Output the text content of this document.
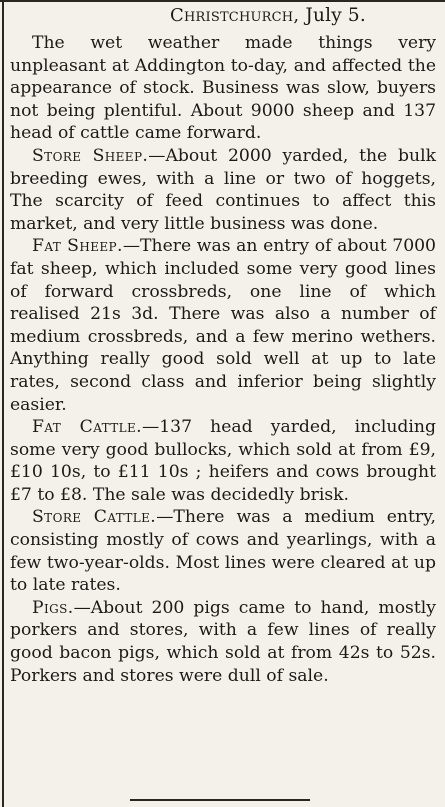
Christchurch, July 5.

The wet weather made things very unpleasant at Addington to-day, and affected the appearance of stock. Business was slow, buyers not being plentiful. About 9000 sheep and 137 head of cattle came forward.

Store Sheep.—About 2000 yarded, the bulk breeding ewes, with a line or two of hoggets, The scarcity of feed continues to affect this market, and very little business was done.

Fat Sheep.—There was an entry of about 7000 fat sheep, which included some very good lines of forward crossbreds, one line of which realised 21s 3d. There was also a number of medium crossbreds, and a few merino wethers. Anything really good sold well at up to late rates, second class and inferior being slightly easier.

Fat Cattle.—137 head yarded, including some very good bullocks, which sold at from £9, £10 10s, to £11 10s ; heifers and cows brought £7 to £8. The sale was decidedly brisk.

Store Cattle.—There was a medium entry, consisting mostly of cows and yearlings, with a few two-year-olds. Most lines were cleared at up to late rates.

Pigs.—About 200 pigs came to hand, mostly porkers and stores, with a few lines of really good bacon pigs, which sold at from 42s to 52s. Porkers and stores were dull of sale.
